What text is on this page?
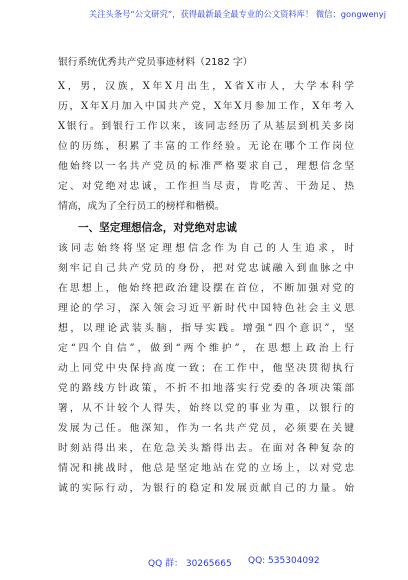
关注头条号“公文研究”，获得最新最全最专业的公文资料库！ 微信：gongwenyj
银行系统优秀共产党员事迹材料（2182 字）
X，男，汉族，X年X月出生，X省X市人，大学本科学
历，X年X月加入中国共产党，X年X月参加工作，X年考入
X银行。到银行工作以来，该同志经历了从基层到机关多岗
位的历练，积累了丰富的工作经验。无论在哪个工作岗位
他始终以一名共产党员的标准严格要求自己，理想信念坚
定、对党绝对忠诚，工作担当尽责，肯吃苦、干劲足、热
情高，成为了全行员工的榜样和楷模。
一、坚定理想信念，对党绝对忠诚
该同志始终将坚定理想信念作为自己的人生追求，时
刻牢记自己共产党员的身份，把对党忠诚融入到血脉之中
在思想上，他始终把政治建设摆在首位，不断加强对党的
理论的学习，深入领会习近平新时代中国特色社会主义思
想，以理论武装头脑，指导实践。增强“四个意识”，坚
定“四个自信”，做到“两个维护”，在思想上政治上行
动上同党中央保持高度一致；在工作中，他坚决贯彻执行
党的路线方针政策，不折不扣地落实行党委的各项决策部
署，从不计较个人得失，始终以党的事业为重，以银行的
发展为己任。他深知，作为一名共产党员，必须要在关键
时刻站得出来，在危急关头豁得出去。在面对各种复杂的
情况和挑战时，他总是坚定地站在党的立场上，以对党忠
诚的实际行动，为银行的稳定和发展贡献自己的力量。始
QQ 群： 30265665 QQ: 535304092
